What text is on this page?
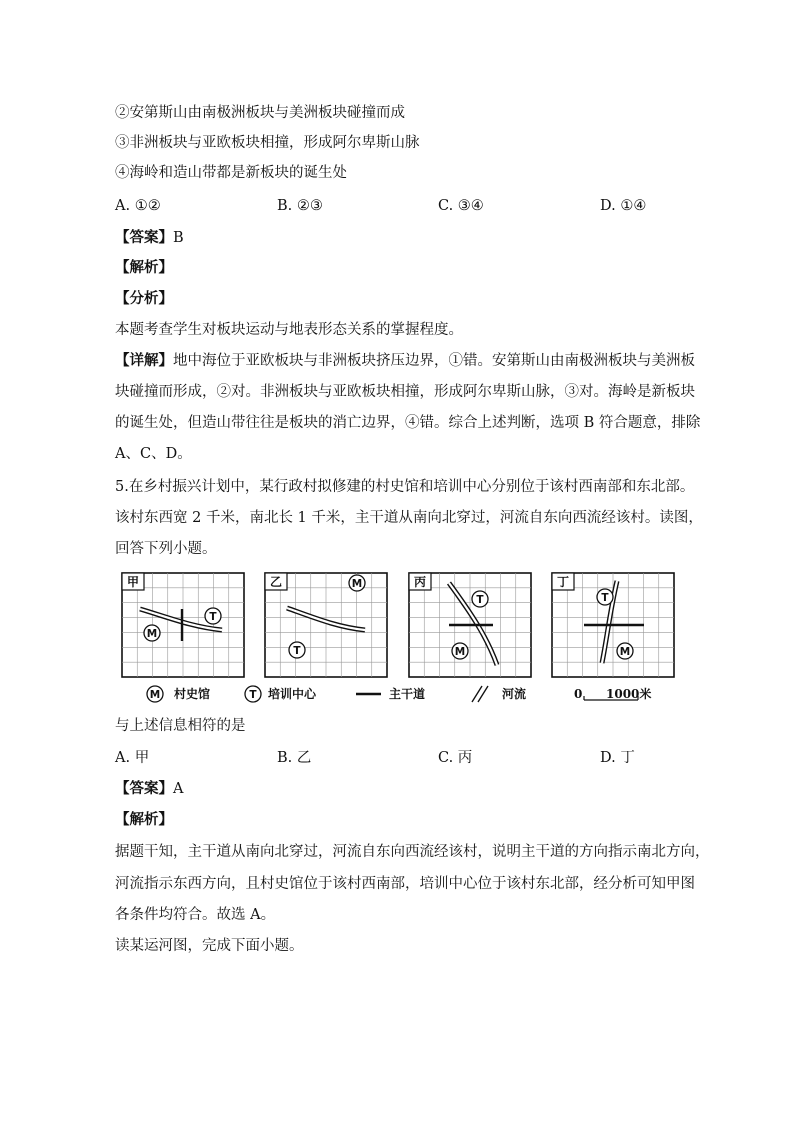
②安第斯山由南极洲板块与美洲板块碰撞而成
③非洲板块与亚欧板块相撞，形成阿尔卑斯山脉
④海岭和造山带都是新板块的诞生处
A. ①②	B. ②③	C. ③④	D. ①④
【答案】B
【解析】
【分析】
本题考查学生对板块运动与地表形态关系的掌握程度。
【详解】地中海位于亚欧板块与非洲板块挤压边界，①错。安第斯山由南极洲板块与美洲板
块碰撞而形成，②对。非洲板块与亚欧板块相撞，形成阿尔卑斯山脉，③对。海岭是新板块
的诞生处，但造山带往往是板块的消亡边界，④错。综合上述判断，选项 B 符合题意，排除
A、C、D。
5.在乡村振兴计划中，某行政村拟修建的村史馆和培训中心分别位于该村西南部和东北部。
该村东西宽 2 千米，南北长 1 千米，主干道从南向北穿过，河流自东向西流经该村。读图，
回答下列小题。
甲	乙	丙	丁
T
M
M
T
T
M
T
M
M	T
村史馆	培训中心	主干道	河流	0 1000米
与上述信息相符的是
A. 甲	B. 乙	C. 丙	D. 丁
【答案】A
【解析】
据题干知，主干道从南向北穿过，河流自东向西流经该村，说明主干道的方向指示南北方向，
河流指示东西方向，且村史馆位于该村西南部，培训中心位于该村东北部，经分析可知甲图
各条件均符合。故选 A。
读某运河图，完成下面小题。
